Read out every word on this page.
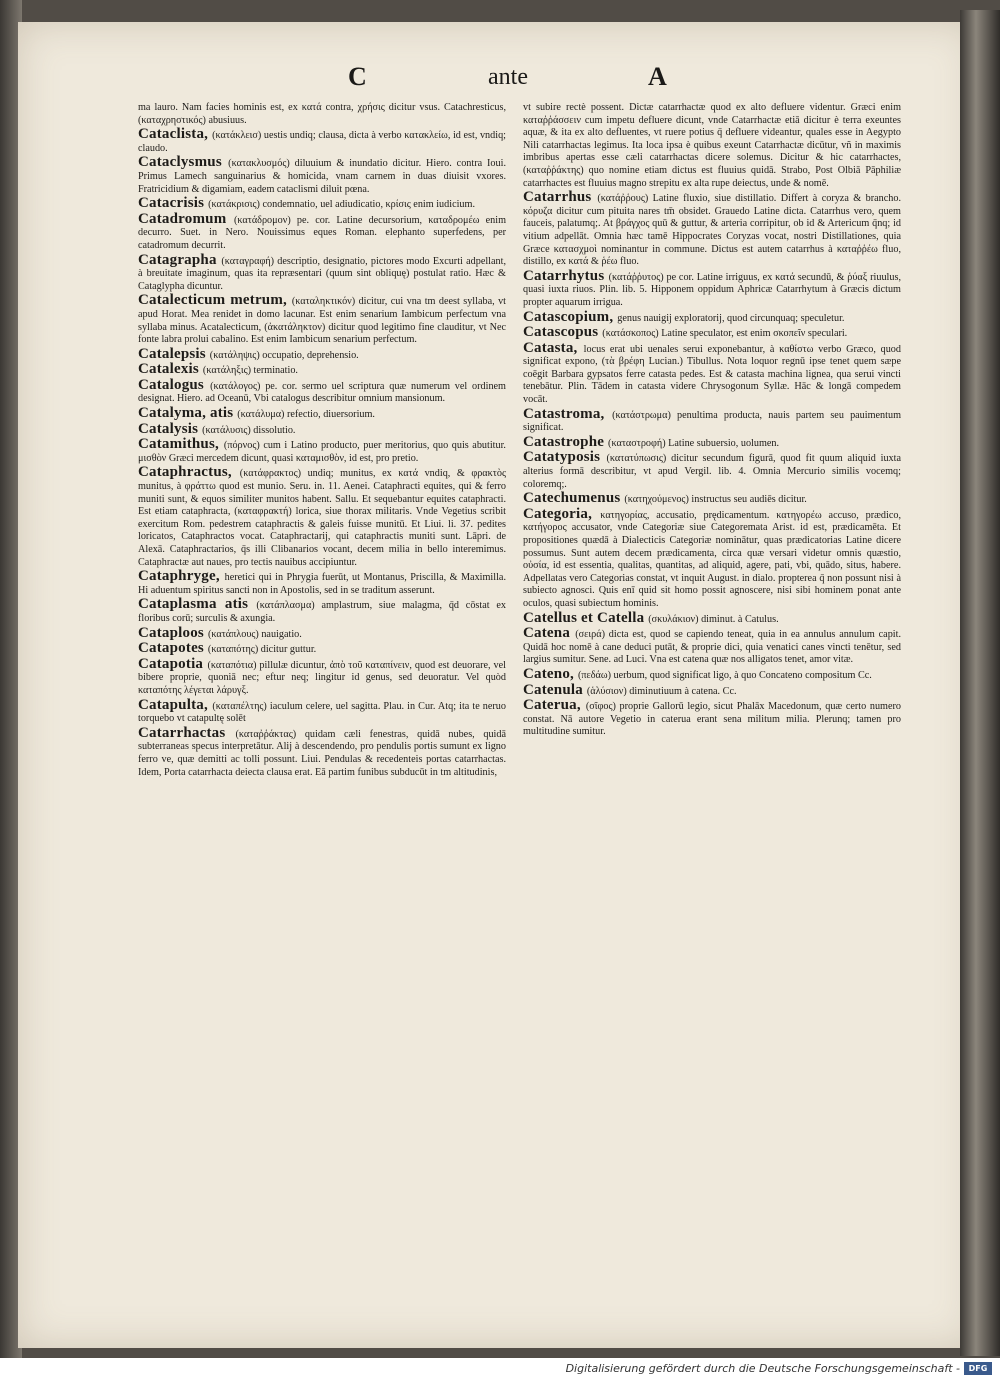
C	ante	A

ma lauro. Nam facies hominis est, ex κατά contra, χρήσις dicitur vsus. Catachresticus, (καταχρηστικός) abusiuus.

Cataclista, (κατάκλεισ) uestis undiq; clausa, dicta à verbo κατακλείω, id est, vndiq; claudo.

Cataclysmus (κατακλυσμός) diluuium & inundatio dicitur. Hiero. contra Ioui. Primus Lamech sanguinarius & homicida, vnam carnem in duas diuisit vxores. Fratricidium & digamiam, eadem cataclismi diluit pœna.

Catacrisis (κατάκρισις) condemnatio, uel adiudicatio, κρίσις enim iudicium.

Catadromum (κατάδρομον) pe. cor. Latine decursorium, καταδρομέω enim decurro. Suet. in Nero. Nouissimus eques Roman. elephanto superfedens, per catadromum decurrit.

Catagrapha (καταγραφή) descriptio, designatio, pictores modo Excurti adpellant, à breuitate imaginum, quas ita repræsentari (quum sint obliquę) postulat ratio. Hæc & Cataglypha dicuntur.

Catalecticum metrum, (καταληκτικόν) dicitur, cui vna tm deest syllaba, vt apud Horat. Mea renidet in domo lacunar. Est enim senarium Iambicum perfectum vna syllaba minus. Acatalecticum, (ἀκατάληκτον) dicitur quod legitimo fine clauditur, vt Nec fonte labra prolui cabalino. Est enim Iambicum senarium perfectum.

Catalepsis (κατάληψις) occupatio, deprehensio.

Catalexis (κατάληξις) terminatio.

Catalogus (κατάλογος) pe. cor. sermo uel scriptura quæ numerum vel ordinem designat. Hiero. ad Oceanū, Vbi catalogus describitur omnium mansionum.

Catalyma, atis (κατάλυμα) refectio, diuersorium.

Catalysis (κατάλυσις) dissolutio.

Catamithus, (πόρνος) cum i Latino producto, puer meritorius, quo quis abutitur. μισθὸν Græci mercedem dicunt, quasi καταμισθὸν, id est, pro pretio.

Cataphractus, (κατάφρακτος) undiq; munitus, ex κατά vndiq, & φρακτὸς munitus, à φράττω quod est munio. Seru. in. 11. Aenei. Cataphracti equites, qui & ferro muniti sunt, & equos similiter munitos habent. Sallu. Et sequebantur equites cataphracti. Est etiam cataphracta, (καταφρακτή) lorica, siue thorax militaris. Vnde Vegetius scribit exercitum Rom. pedestrem cataphractis & galeis fuisse munitū. Et Liui. li. 37. pedites loricatos, Cataphractos vocat. Cataphractarij, qui cataphractis muniti sunt. Lāpri. de Alexā. Cataphractarios, q̄s illi Clibanarios vocant, decem milia in bello interemimus. Cataphractæ aut naues, pro tectis nauibus accipiuntur.

Cataphryge, heretici qui in Phrygia fuerūt, ut Montanus, Priscilla, & Maximilla. Hi aduentum spiritus sancti non in Apostolis, sed in se traditum asserunt.

Cataplasma atis (κατάπλασμα) amplastrum, siue malagma, q̄d cōstat ex floribus corū; surculis & axungia.

Cataploos (κατάπλους) nauigatio.

Catapotes (καταπότης) dicitur guttur.

Catapotia (καταπότια) pillulæ dicuntur, ἀπὸ τοῦ καταπίνειν, quod est deuorare, vel bibere proprie, quoniā nec; eftur neq; lingitur id genus, sed deuoratur. Vel quòd καταπότης λέγεται λάρυγξ.

Catapulta, (καταπέλτης) iaculum celere, uel sagitta. Plau. in Cur. Atq; ita te neruo torquebo vt catapultę solēt

Catarrhactas (καταῤῥάκτας) quidam cæli fenestras, quidā nubes, quidā subterraneas specus interpretātur. Alij à descendendo, pro pendulis portis sumunt ex ligno ferro ve, quæ demitti ac tolli possunt. Liui. Pendulas & recedenteis portas catarrhactas. Idem, Porta catarrhacta deiecta clausa erat. Eā partim funibus subducūt in tm altitudinis,

vt subire rectè possent. Dictæ catarrhactæ quod ex alto defluere videntur. Græci enim καταῤῥάσσειν cum impetu defluere dicunt, vnde Catarrhactæ etiā dicitur è terra exeuntes aquæ, & ita ex alto defluentes, vt ruere potius q̄ defluere videantur, quales esse in Aegypto Nili catarrhactas legimus. Ita loca ipsa è quibus exeunt Catarrhactæ dicūtur, vñ in maximis imbribus apertas esse cæli catarrhactas dicere solemus. Dicitur & hic catarrhactes, (καταῤῥάκτης) quo nomine etiam dictus est fluuius quidā. Strabo, Post Olbiā Pāphiliæ catarrhactes est fluuius magno strepitu ex alta rupe deiectus, unde & nomē.

Catarrhus (κατάῤῥους) Latine fluxio, siue distillatio. Differt à coryza & brancho. κόρυζα dicitur cum pituita nares tm̄ obsidet. Grauedo Latine dicta. Catarrhus vero, quem fauceis, palatumq;. At βράγχος quū & guttur, & arteria corripitur, ob id & Artericum q̄nq; id vitium adpellāt. Omnia hæc tamē Hippocrates Coryzas vocat, nostri Distillationes, quia Græce κατασχμοὶ nominantur in commune. Dictus est autem catarrhus à καταῤῥέω fluo, distillo, ex κατά & ῥέω fluo.

Catarrhytus (κατάῤῥυτος) pe cor. Latine irriguus, ex κατά secundū, & ῥύαξ riuulus, quasi iuxta riuos. Plin. lib. 5. Hipponem oppidum Aphricæ Catarrhytum à Græcis dictum propter aquarum irrigua.

Catascopium, genus nauigij exploratorij, quod circunquaq; speculetur.

Catascopus (κατάσκοπος) Latine speculator, est enim σκοπεῖν speculari.

Catasta, locus erat ubi uenales serui exponebantur, à καθίστω verbo Græco, quod significat expono, (τὰ βρέφη Lucian.) Tibullus. Nota loquor regnū ipse tenet quem sæpe coēgit Barbara gypsatos ferre catasta pedes. Est & catasta machina lignea, qua serui vincti tenebātur. Plin. Tādem in catasta videre Chrysogonum Syllæ. Hāc & longā compedem vocāt.

Catastroma, (κατάστρωμα) penultima producta, nauis partem seu pauimentum significat.

Catastrophe (καταστροφή) Latine subuersio, uolumen.

Catatyposis (κατατύπωσις) dicitur secundum figurā, quod fit quum aliquid iuxta alterius formā describitur, vt apud Vergil. lib. 4. Omnia Mercurio similis vocemq; coloremq;.

Catechumenus (κατηχούμενος) instructus seu audiēs dicitur.

Categoria, κατηγορίας, accusatio, prędicamentum. κατηγορέω accuso, prædico, κατήγορος accusator, vnde Categoriæ siue Categoremata Arist. id est, prædicamēta. Et propositiones quædā à Dialecticis Categoriæ nominātur, quas prædicatorias Latine dicere possumus. Sunt autem decem prædicamenta, circa quæ versari videtur omnis quæstio, οὐσία, id est essentia, qualitas, quantitas, ad aliquid, agere, pati, vbi, quādo, situs, habere. Adpellatas vero Categorias constat, vt inquit August. in dialo. propterea q̄ non possunt nisi à subiecto agnosci. Quis enī quid sit homo possit agnoscere, nisi sibi hominem ponat ante oculos, quasi subiectum hominis.

Catellus et Catella (σκυλάκιον) diminut. à Catulus.

Catena (σειρά) dicta est, quod se capiendo teneat, quia in ea annulus annulum capit. Quidā hoc nomē à cane deduci putāt, & proprie dici, quia venatici canes vincti tenētur, sed largius sumitur. Sene. ad Luci. Vna est catena quæ nos alligatos tenet, amor vitæ.

Cateno, (πεδάω) uerbum, quod significat ligo, à quo Concateno compositum Cc.

Catenula (ἁλύσιον) diminutiuum à catena. Cc.

Caterua, (σῖφος) proprie Gallorū legio, sicut Phalāx Macedonum, quæ certo numero constat. Nā autore Vegetio in caterua erant sena militum milia. Plerunq; tamen pro multitudine sumitur.

Digitalisierung gefördert durch die Deutsche Forschungsgemeinschaft -	DFG
